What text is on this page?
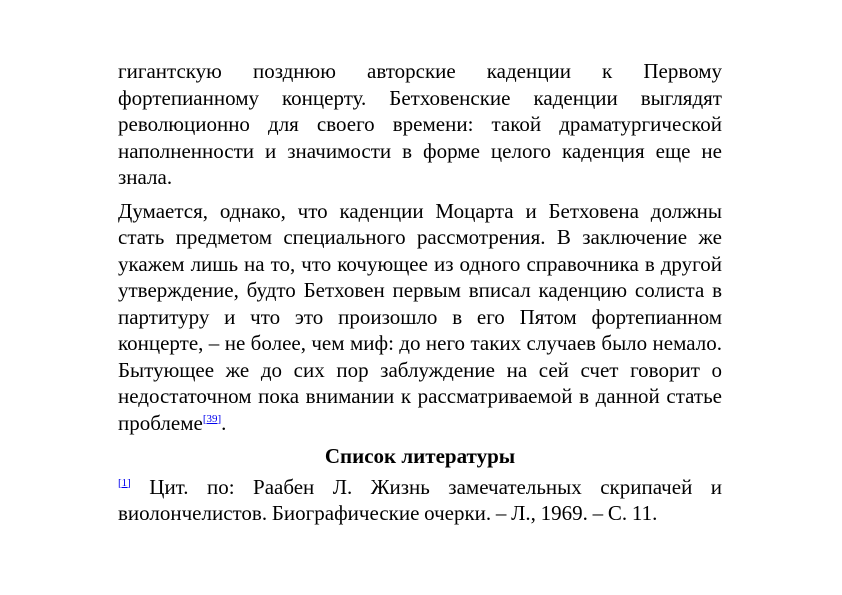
гигантскую позднюю авторские каденции к Первому фортепианному концерту. Бетховенские каденции выглядят революционно для своего времени: такой драматургической наполненности и значимости в форме целого каденция еще не знала.

Думается, однако, что каденции Моцарта и Бетховена должны стать предметом специального рассмотрения. В заключение же укажем лишь на то, что кочующее из одного справочника в другой утверждение, будто Бетховен первым вписал каденцию солиста в партитуру и что это произошло в его Пятом фортепианном концерте, – не более, чем миф: до него таких случаев было немало. Бытующее же до сих пор заблуждение на сей счет говорит о недостаточном пока внимании к рассматриваемой в данной статье проблеме[39].

Список литературы

[1] Цит. по: Раабен Л. Жизнь замечательных скрипачей и виолончелистов. Биографические очерки. – Л., 1969. – С. 11.
